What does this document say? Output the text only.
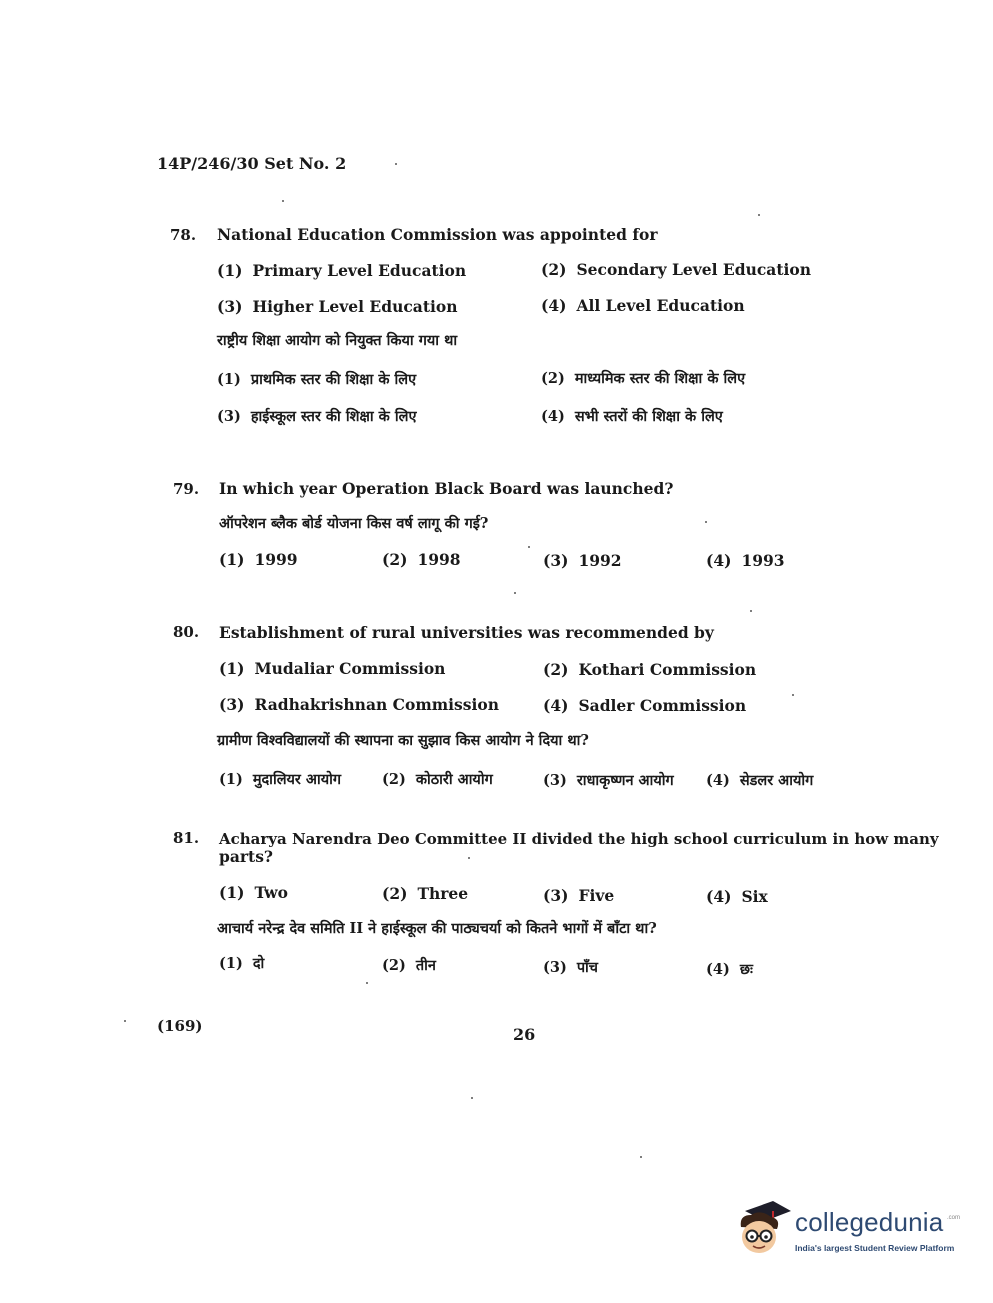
14P/246/30 Set No. 2
78. National Education Commission was appointed for
(1) Primary Level Education	(2) Secondary Level Education
(3) Higher Level Education	(4) All Level Education
राष्ट्रीय शिक्षा आयोग को नियुक्त किया गया था
(1) प्राथमिक स्तर की शिक्षा के लिए	(2) माध्यमिक स्तर की शिक्षा के लिए
(3) हाईस्कूल स्तर की शिक्षा के लिए	(4) सभी स्तरों की शिक्षा के लिए
79. In which year Operation Black Board was launched?
ऑपरेशन ब्लैक बोर्ड योजना किस वर्ष लागू की गई?
(1) 1999	(2) 1998	(3) 1992	(4) 1993
80. Establishment of rural universities was recommended by
(1) Mudaliar Commission	(2) Kothari Commission
(3) Radhakrishnan Commission	(4) Sadler Commission
ग्रामीण विश्वविद्यालयों की स्थापना का सुझाव किस आयोग ने दिया था?
(1) मुदालियर आयोग	(2) कोठारी आयोग	(3) राधाकृष्णन आयोग (4) सेडलर आयोग
81. Acharya Narendra Deo Committee II divided the high school curriculum in how many
parts?
(1) Two	(2) Three	(3) Five	(4) Six
आचार्य नरेन्द्र देव समिति II ने हाईस्कूल की पाठ्यचर्या को कितने भागों में बाँटा था?
(1) दो	(2) तीन	(3) पाँच	(4) छः
(169)	26
collegedunia .com
India's largest Student Review Platform
